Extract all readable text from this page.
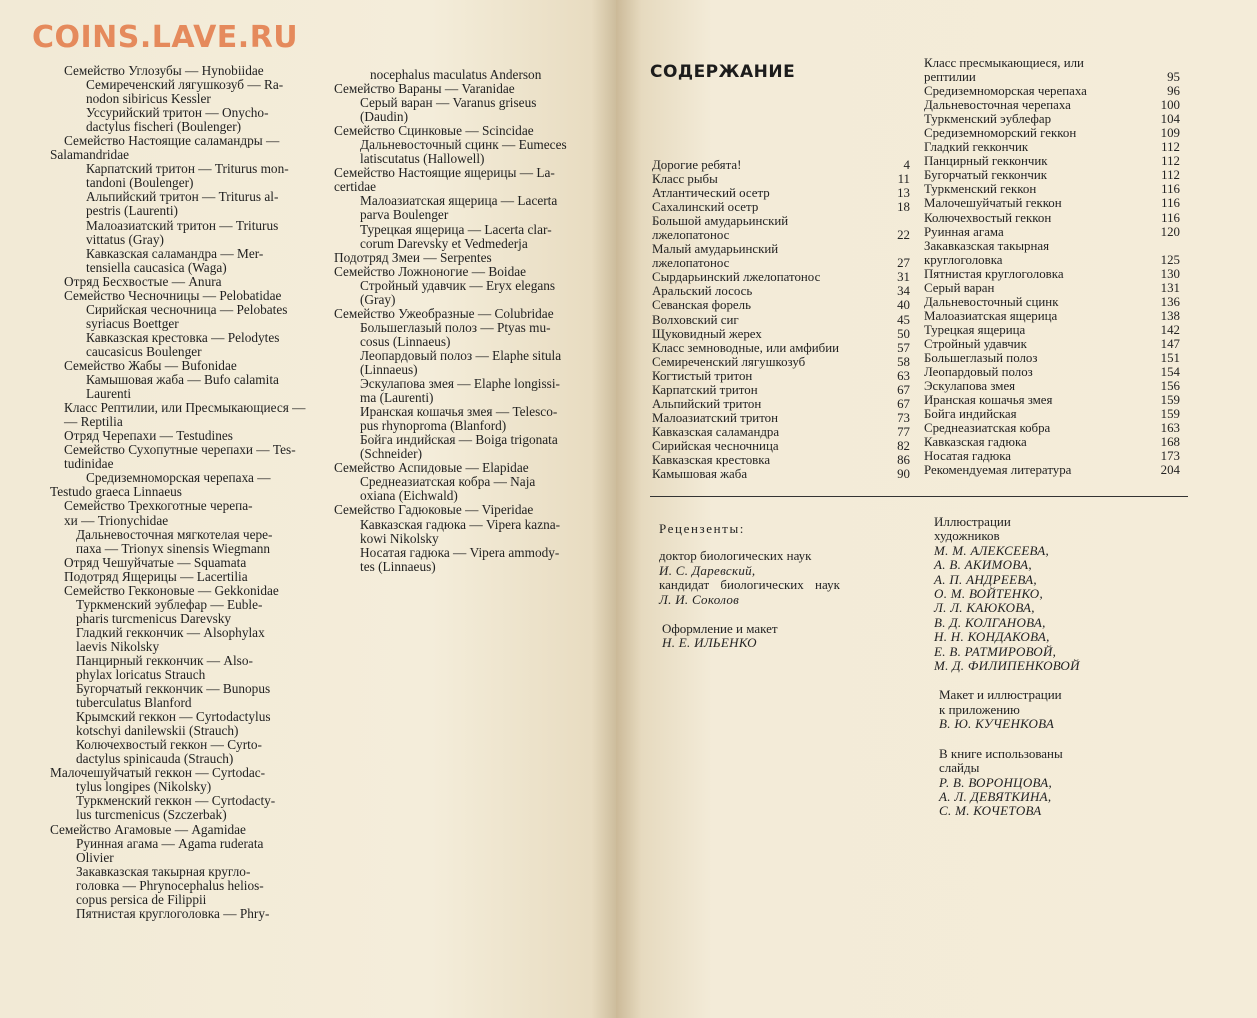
COINS.LAVE.RU
Семейство Углозубы — Hynobiidae
Семиреченский лягушкозуб — Ra-
nodon sibiricus Kessler
Уссурийский тритон — Onycho-
dactylus fischeri (Boulenger)
Семейство Настоящие саламандры —
Salamandridae
Карпатский тритон — Triturus mon-
tandoni (Boulenger)
Альпийский тритон — Triturus al-
pestris (Laurenti)
Малоазиатский тритон — Triturus
vittatus (Gray)
Кавказская саламандра — Mer-
tensiella caucasica (Waga)
Отряд Бесхвостые — Anura
Семейство Чесночницы — Pelobatidae
Сирийская чесночница — Pelobates
syriacus Boettger
Кавказская крестовка — Pelodytes
caucasicus Boulenger
Семейство Жабы — Bufonidae
Камышовая жаба — Bufo calamita
Laurenti
Класс Рептилии, или Пресмыкающиеся —
— Reptilia
Отряд Черепахи — Testudines
Семейство Сухопутные черепахи — Tes-
tudinidae
Средиземноморская черепаха —
Testudo graeca Linnaeus
Семейство Трехкоготные черепа-
хи — Trionychidae
Дальневосточная мягкотелая чере-
паха — Trionyx sinensis Wiegmann
Отряд Чешуйчатые — Squamata
Подотряд Ящерицы — Lacertilia
Семейство Гекконовые — Gekkonidae
Туркменский эублефар — Euble-
pharis turcmenicus Darevsky
Гладкий геккончик — Alsophylax
laevis Nikolsky
Панцирный геккончик — Also-
phylax loricatus Strauch
Бугорчатый геккончик — Bunopus
tuberculatus Blanford
Крымский геккон — Cyrtodactylus
kotschyi danilewskii (Strauch)
Колючехвостый геккон — Cyrto-
dactylus spinicauda (Strauch)
Малочешуйчатый геккон — Cyrtodac-
tylus longipes (Nikolsky)
Туркменский геккон — Cyrtodacty-
lus turcmenicus (Szczerbak)
Семейство Агамовые — Agamidae
Руинная агама — Agama ruderata
Olivier
Закавказская такырная кругло-
головка — Phrynocephalus helios-
copus persica de Filippii
Пятнистая круглоголовка — Phry-
nocephalus maculatus Anderson
Семейство Вараны — Varanidae
Серый варан — Varanus griseus
(Daudin)
Семейство Сцинковые — Scincidae
Дальневосточный сцинк — Eumeces
latiscutatus (Hallowell)
Семейство Настоящие ящерицы — La-
certidae
Малоазиатская ящерица — Lacerta
parva Boulenger
Турецкая ящерица — Lacerta clar-
corum Darevsky et Vedmederja
Подотряд Змеи — Serpentes
Семейство Ложноногие — Boidae
Стройный удавчик — Eryx elegans
(Gray)
Семейство Ужеобразные — Colubridae
Большеглазый полоз — Ptyas mu-
cosus (Linnaeus)
Леопардовый полоз — Elaphe situla
(Linnaeus)
Эскулапова змея — Elaphe longissi-
ma (Laurenti)
Иранская кошачья змея — Telesco-
pus rhynoproma (Blanford)
Бойга индийская — Boiga trigonata
(Schneider)
Семейство Аспидовые — Elapidae
Среднеазиатская кобра — Naja
oxiana (Eichwald)
Семейство Гадюковые — Viperidae
Кавказская гадюка — Vipera kazna-
kowi Nikolsky
Носатая гадюка — Vipera ammody-
tes (Linnaeus)
СОДЕРЖАНИЕ
Дорогие ребята!	4
Класс рыбы	11
Атлантический осетр	13
Сахалинский осетр	18
Большой амударьинский
лжелопатонос	22
Малый амударьинский
лжелопатонос	27
Сырдарьинский лжелопатонос	31
Аральский лосось	34
Севанская форель	40
Волховский сиг	45
Щуковидный жерех	50
Класс земноводные, или амфибии	57
Семиреченский лягушкозуб	58
Когтистый тритон	63
Карпатский тритон	67
Альпийский тритон	67
Малоазиатский тритон	73
Кавказская саламандра	77
Сирийская чесночница	82
Кавказская крестовка	86
Камышовая жаба	90
Класс пресмыкающиеся, или
рептилии	95
Средиземноморская черепаха	96
Дальневосточная черепаха	100
Туркменский эублефар	104
Средиземноморский геккон	109
Гладкий геккончик	112
Панцирный геккончик	112
Бугорчатый геккончик	112
Туркменский геккон	116
Малочешуйчатый геккон	116
Колючехвостый геккон	116
Руинная агама	120
Закавказская такырная
круглоголовка	125
Пятнистая круглоголовка	130
Серый варан	131
Дальневосточный сцинк	136
Малоазиатская ящерица	138
Турецкая ящерица	142
Стройный удавчик	147
Большеглазый полоз	151
Леопардовый полоз	154
Эскулапова змея	156
Иранская кошачья змея	159
Бойга индийская	159
Среднеазиатская кобра	163
Кавказская гадюка	168
Носатая гадюка	173
Рекомендуемая литература	204
Рецензенты:
доктор биологических наук
И. С. Даревский,
кандидат биологических наук
Л. И. Соколов
Оформление и макет
Н. Е. ИЛЬЕНКО
Иллюстрации
художников
М. М. АЛЕКСЕЕВА,
А. В. АКИМОВА,
А. П. АНДРЕЕВА,
О. М. ВОЙТЕНКО,
Л. Л. КАЮКОВА,
В. Д. КОЛГАНОВА,
Н. Н. КОНДАКОВА,
Е. В. РАТМИРОВОЙ,
М. Д. ФИЛИПЕНКОВОЙ
Макет и иллюстрации
к приложению
В. Ю. КУЧЕНКОВА
В книге использованы
слайды
Р. В. ВОРОНЦОВА,
А. Л. ДЕВЯТКИНА,
С. М. КОЧЕТОВА
